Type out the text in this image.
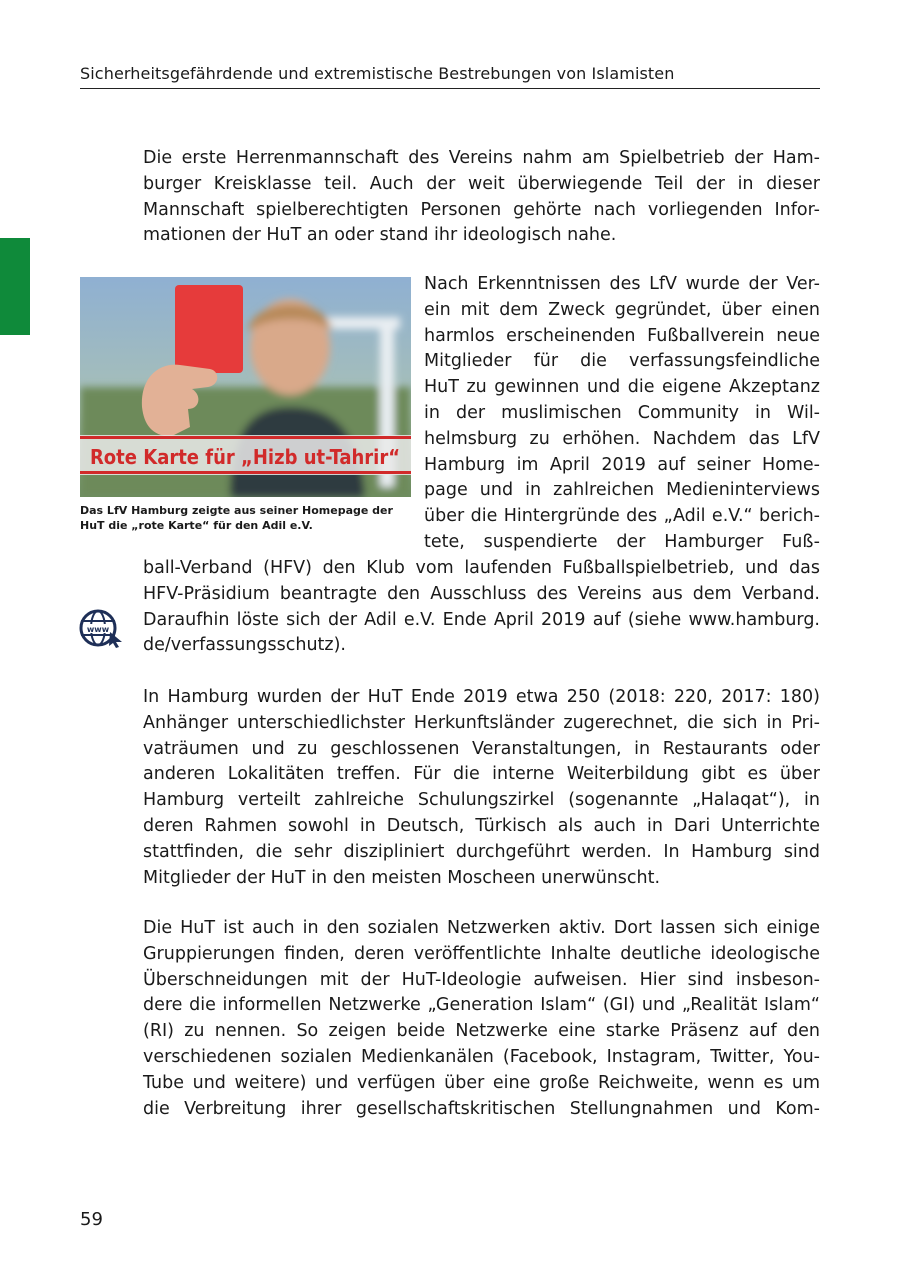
Sicherheitsgefährdende und extremistische Bestrebungen von Islamisten
Die erste Herrenmannschaft des Vereins nahm am Spielbetrieb der Ham-
burger Kreisklasse teil. Auch der weit überwiegende Teil der in dieser
Mannschaft spielberechtigten Personen gehörte nach vorliegenden Infor-
mationen der HuT an oder stand ihr ideologisch nahe.
Rote Karte für „Hizb ut-Tahrir“
Das LfV Hamburg zeigte aus seiner Homepage der HuT die „rote Karte“ für den Adil e.V.
Nach Erkenntnissen des LfV wurde der Ver-
ein mit dem Zweck gegründet, über einen
harmlos erscheinenden Fußballverein neue
Mitglieder für die verfassungsfeindliche
HuT zu gewinnen und die eigene Akzeptanz
in der muslimischen Community in Wil-
helmsburg zu erhöhen. Nachdem das LfV
Hamburg im April 2019 auf seiner Home-
page und in zahlreichen Medieninterviews
über die Hintergründe des „Adil e.V.“ berich-
tete, suspendierte der Hamburger Fuß-
ball-Verband (HFV) den Klub vom laufenden Fußballspielbetrieb, und das
HFV-Präsidium beantragte den Ausschluss des Vereins aus dem Verband.
Daraufhin löste sich der Adil e.V. Ende April 2019 auf (siehe www.hamburg.
de/verfassungsschutz).
www
In Hamburg wurden der HuT Ende 2019 etwa 250 (2018: 220, 2017: 180)
Anhänger unterschiedlichster Herkunftsländer zugerechnet, die sich in Pri-
vaträumen und zu geschlossenen Veranstaltungen, in Restaurants oder
anderen Lokalitäten treffen. Für die interne Weiterbildung gibt es über
Hamburg verteilt zahlreiche Schulungszirkel (sogenannte „Halaqat“), in
deren Rahmen sowohl in Deutsch, Türkisch als auch in Dari Unterrichte
stattfinden, die sehr diszipliniert durchgeführt werden. In Hamburg sind
Mitglieder der HuT in den meisten Moscheen unerwünscht.
Die HuT ist auch in den sozialen Netzwerken aktiv. Dort lassen sich einige
Gruppierungen finden, deren veröffentlichte Inhalte deutliche ideologische
Überschneidungen mit der HuT-Ideologie aufweisen. Hier sind insbeson-
dere die informellen Netzwerke „Generation Islam“ (GI) und „Realität Islam“
(RI) zu nennen. So zeigen beide Netzwerke eine starke Präsenz auf den
verschiedenen sozialen Medienkanälen (Facebook, Instagram, Twitter, You-
Tube und weitere) und verfügen über eine große Reichweite, wenn es um
die Verbreitung ihrer gesellschaftskritischen Stellungnahmen und Kom-
59
